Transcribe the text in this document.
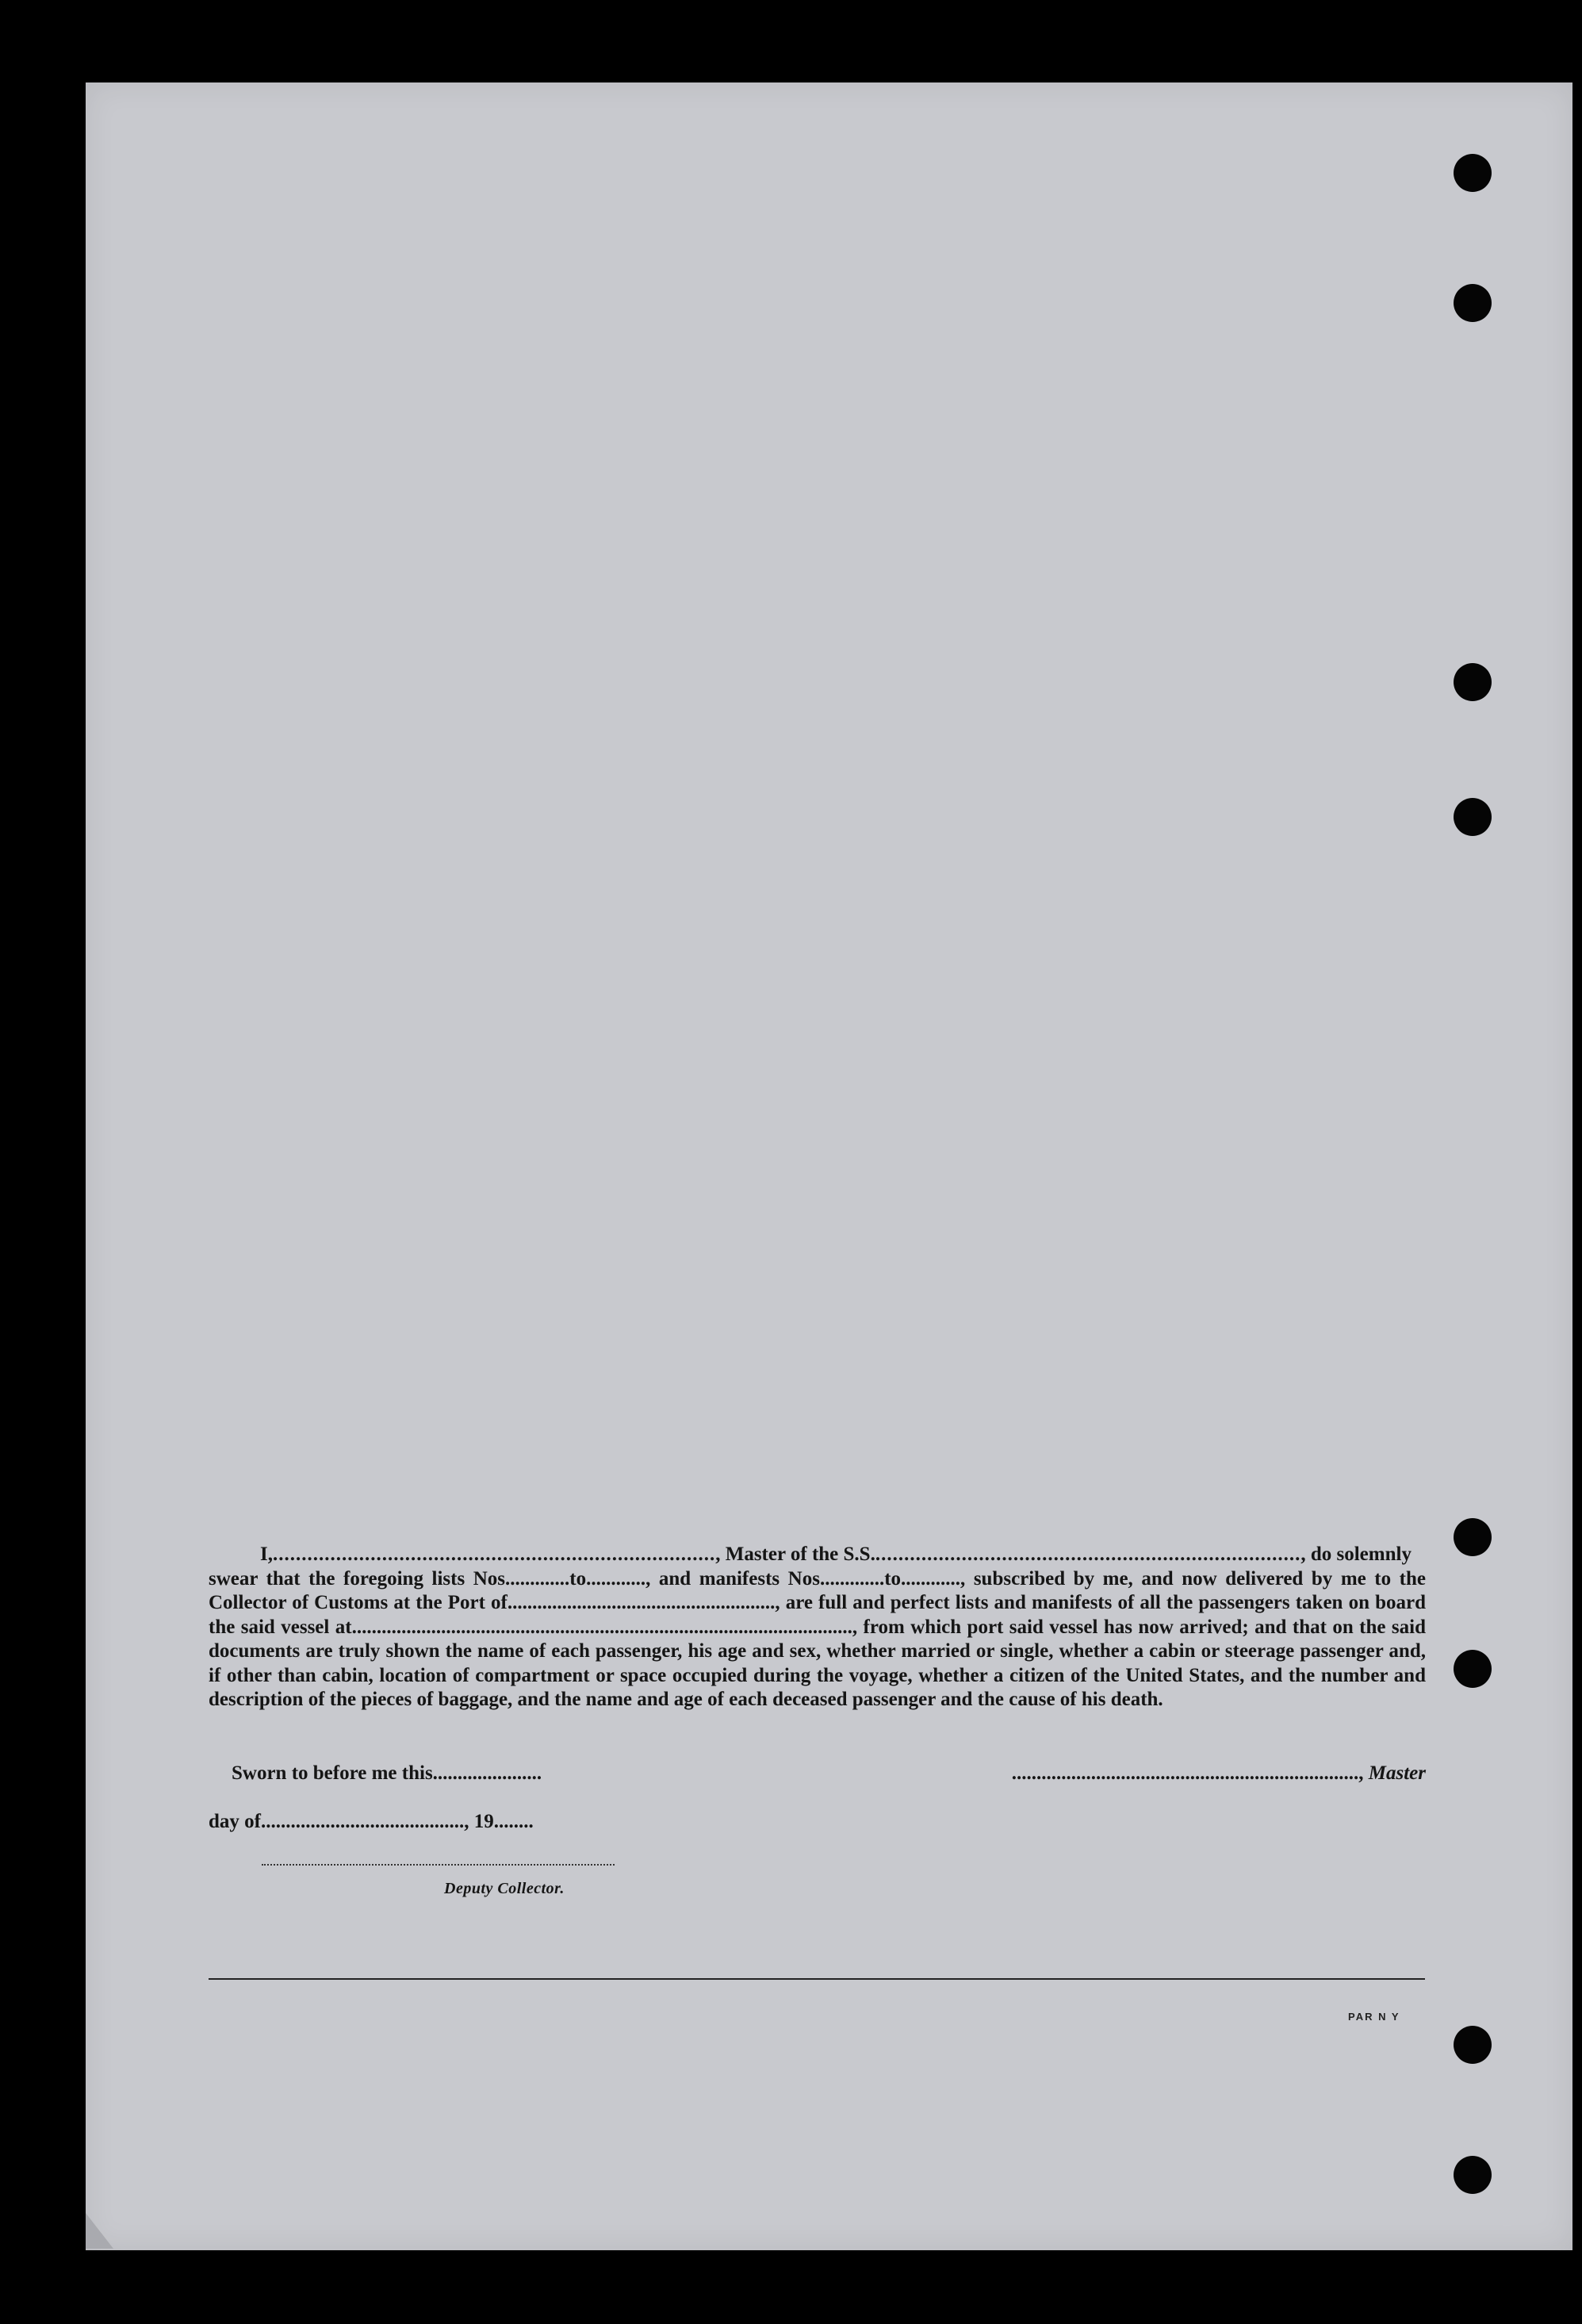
I,............................................................................., Master of the S.S..........................................................................., do solemnly

swear that the foregoing lists Nos.............to............, and manifests Nos.............to............, subscribed by me, and now delivered by me to the Collector of Customs at the Port of......................................................, are full and perfect lists and manifests of all the passengers taken on board the said vessel at....................................................................................................., from which port said vessel has now arrived; and that on the said documents are truly shown the name of each passenger, his age and sex, whether married or single, whether a cabin or steerage passenger and, if other than cabin, location of compartment or space occupied during the voyage, whether a citizen of the United States, and the number and description of the pieces of baggage, and the name and age of each deceased passenger and the cause of his death.
Sworn to before me this......................	......................................................................, Master
day of........................................., 19........
Deputy Collector.
PAR N Y
৩
